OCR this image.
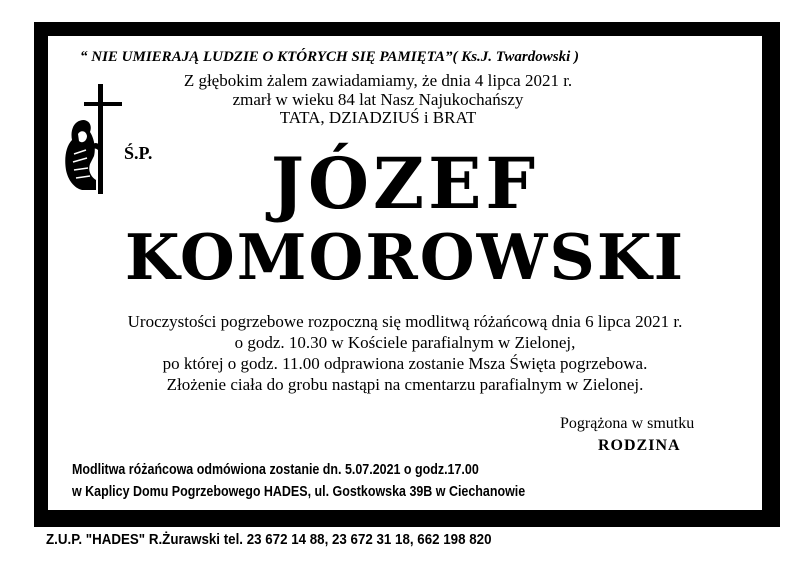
“ NIE UMIERAJĄ LUDZIE O KTÓRYCH SIĘ PAMIĘTA”( Ks.J. Twardowski )
Z głębokim żalem zawiadamiamy, że dnia 4 lipca 2021 r.
zmarł w wieku 84 lat Nasz Najukochańszy
TATA, DZIADZIUŚ i BRAT
Ś.P.	JÓZEF
KOMOROWSKI
Uroczystości pogrzebowe rozpoczną się modlitwą różańcową dnia 6 lipca 2021 r.
o godz. 10.30 w Kościele parafialnym w Zielonej,
po której o godz. 11.00 odprawiona zostanie Msza Święta pogrzebowa.
Złożenie ciała do grobu nastąpi na cmentarzu parafialnym w Zielonej.
Pogrążona w smutku
RODZINA
Modlitwa różańcowa odmówiona zostanie dn. 5.07.2021 o godz.17.00
w Kaplicy Domu Pogrzebowego HADES, ul. Gostkowska 39B w Ciechanowie
Z.U.P. "HADES" R.Żurawski tel. 23 672 14 88, 23 672 31 18, 662 198 820
